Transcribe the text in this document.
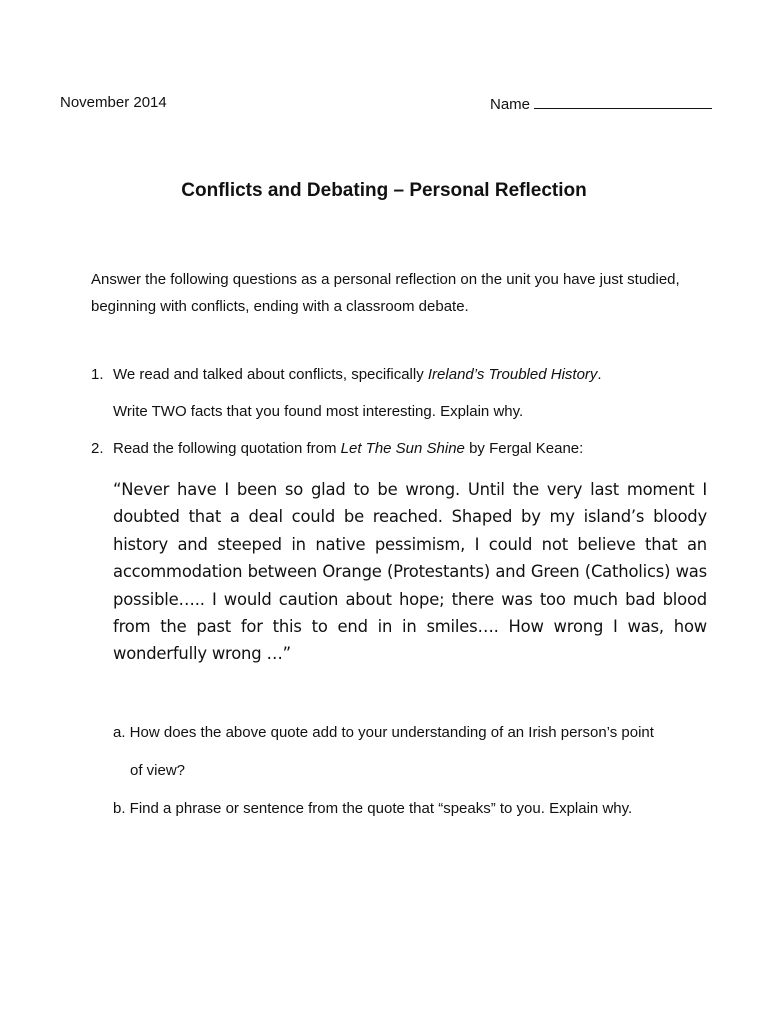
November 2014	Name
Conflicts and Debating – Personal Reflection
Answer the following questions as a personal reflection on the unit you have just studied, beginning with conflicts, ending with a classroom debate.
1. We read and talked about conflicts, specifically Ireland’s Troubled History.
Write TWO facts that you found most interesting. Explain why.
2. Read the following quotation from Let The Sun Shine by Fergal Keane:
“Never have I been so glad to be wrong. Until the very last moment I doubted that a deal could be reached. Shaped by my island’s bloody history and steeped in native pessimism, I could not believe that an accommodation between Orange (Protestants) and Green (Catholics) was possible….. I would caution about hope; there was too much bad blood from the past for this to end in in smiles…. How wrong I was, how wonderfully wrong …”
a. How does the above quote add to your understanding of an Irish person’s point
of view?
b. Find a phrase or sentence from the quote that “speaks” to you. Explain why.
